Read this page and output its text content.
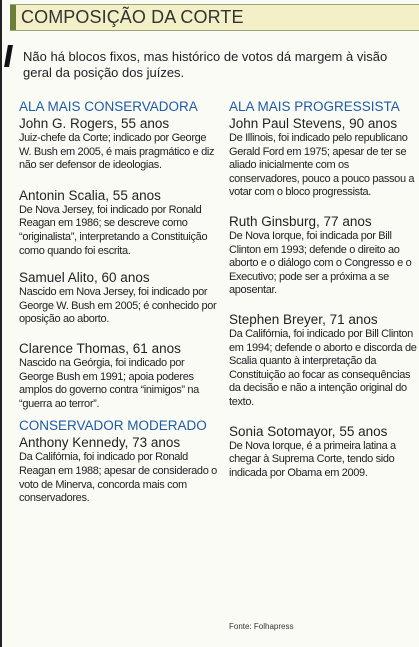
COMPOSIÇÃO DA CORTE
Não há blocos fixos, mas histórico de votos dá margem à visão geral da posição dos juízes.
ALA MAIS CONSERVADORA
John G. Rogers, 55 anos
Juiz-chefe da Corte; indicado por George W. Bush em 2005, é mais pragmático e diz não ser defensor de ideologias.
Antonin Scalia, 55 anos
De Nova Jersey, foi indicado por Ronald Reagan em 1986; se descreve como “originalista”, interpretando a Constituição como quando foi escrita.
Samuel Alito, 60 anos
Nascido em Nova Jersey, foi indicado por George W. Bush em 2005; é conhecido por oposição ao aborto.
Clarence Thomas, 61 anos
Nascido na Geórgia, foi indicado por George Bush em 1991; apoia poderes amplos do governo contra “inimigos” na “guerra ao terror”.
CONSERVADOR MODERADO
Anthony Kennedy, 73 anos
Da Califórnia, foi indicado por Ronald Reagan em 1988; apesar de considerado o voto de Minerva, concorda mais com conservadores.
ALA MAIS PROGRESSISTA
John Paul Stevens, 90 anos
De Illinois, foi indicado pelo republicano Gerald Ford em 1975; apesar de ter se aliado inicialmente com os conservadores, pouco a pouco passou a votar com o bloco progressista.
Ruth Ginsburg, 77 anos
De Nova Iorque, foi indicada por Bill Clinton em 1993; defende o direito ao aborto e o diálogo com o Congresso e o Executivo; pode ser a próxima a se aposentar.
Stephen Breyer, 71 anos
Da Califórnia, foi indicado por Bill Clinton em 1994; defende o aborto e discorda de Scalia quanto à interpretação da Constituição ao focar as consequências da decisão e não a intenção original do texto.
Sonia Sotomayor, 55 anos
De Nova Iorque, é a primeira latina a chegar à Suprema Corte, tendo sido indicada por Obama em 2009.
Fonte: Folhapress
